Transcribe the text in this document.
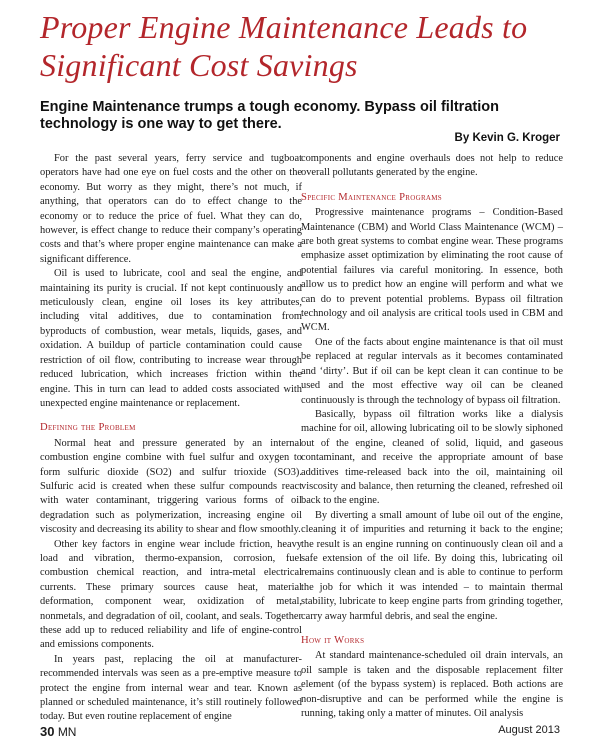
Proper Engine Maintenance Leads to Significant Cost Savings
Engine Maintenance trumps a tough economy. Bypass oil filtration technology is one way to get there.
By Kevin G. Kroger

For the past several years, ferry service and tugboat operators have had one eye on fuel costs and the other on the economy. But worry as they might, there’s not much, if anything, that operators can do to effect change to the economy or to reduce the price of fuel. What they can do, however, is effect change to reduce their company’s operating costs and that’s where proper engine maintenance can make a significant difference.

Oil is used to lubricate, cool and seal the engine, and maintaining its purity is crucial. If not kept continuously and meticulously clean, engine oil loses its key attributes, including vital additives, due to contamination from byproducts of combustion, wear metals, liquids, gases, and oxidation. A buildup of particle contamination could cause restriction of oil flow, contributing to increase wear through reduced lubrication, which increases friction within the engine. This in turn can lead to added costs associated with unexpected engine maintenance or replacement.

Defining the Problem

Normal heat and pressure generated by an internal combustion engine combine with fuel sulfur and oxygen to form sulfuric dioxide (SO2) and sulfur trioxide (SO3). Sulfuric acid is created when these sulfur compounds react with water contaminant, triggering various forms of oil degradation such as polymerization, increasing engine oil viscosity and decreasing its ability to shear and flow smoothly.

Other key factors in engine wear include friction, heavy load and vibration, thermo-expansion, corrosion, fuel combustion chemical reaction, and intra-metal electrical currents. These primary sources cause heat, material deformation, component wear, oxidization of metal, nonmetals, and degradation of oil, coolant, and seals. Together these add up to reduced reliability and life of engine-control and emissions components.

In years past, replacing the oil at manufacturer-recommended intervals was seen as a pre-emptive measure to protect the engine from internal wear and tear. Known as planned or scheduled maintenance, it’s still routinely followed today. But even routine replacement of engine

components and engine overhauls does not help to reduce overall pollutants generated by the engine.

Specific Maintenance Programs

Progressive maintenance programs – Condition-Based Maintenance (CBM) and World Class Maintenance (WCM) – are both great systems to combat engine wear. These programs emphasize asset optimization by eliminating the root cause of potential failures via careful monitoring. In essence, both allow us to predict how an engine will perform and what we can do to prevent potential problems. Bypass oil filtration technology and oil analysis are critical tools used in CBM and WCM.

One of the facts about engine maintenance is that oil must be replaced at regular intervals as it becomes contaminated and ‘dirty’. But if oil can be kept clean it can continue to be used and the most effective way oil can be cleaned continuously is through the technology of bypass oil filtration.

Basically, bypass oil filtration works like a dialysis machine for oil, allowing lubricating oil to be slowly siphoned out of the engine, cleaned of solid, liquid, and gaseous contaminant, and receive the appropriate amount of base additives time-released back into the oil, maintaining oil viscosity and balance, then returning the cleaned, refreshed oil back to the engine.

By diverting a small amount of lube oil out of the engine, cleaning it of impurities and returning it back to the engine; the result is an engine running on continuously clean oil and a safe extension of the oil life. By doing this, lubricating oil remains continuously clean and is able to continue to perform the job for which it was intended – to maintain thermal stability, lubricate to keep engine parts from grinding together, carry away harmful debris, and seal the engine.

How it Works

At standard maintenance-scheduled oil drain intervals, an oil sample is taken and the disposable replacement filter element (of the bypass system) is replaced. Both actions are non-disruptive and can be performed while the engine is running, taking only a matter of minutes. Oil analysis

30 MN	August 2013
